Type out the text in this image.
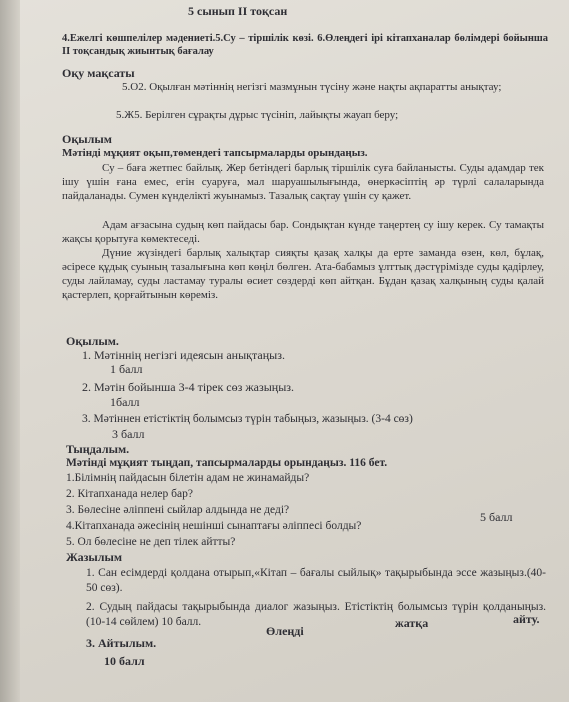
5 сынып II тоқсан
4.Ежелгі көшпелілер мәдениеті.5.Су – тіршілік көзі. 6.Өлеңдегі ірі кітапханалар бөлімдері бойынша II тоқсандық жиынтық бағалау
Оқу мақсаты
5.О2. Оқылған мәтіннің негізгі мазмұнын түсіну және нақты ақпаратты анықтау;
5.Ж5. Берілген сұрақты дұрыс түсініп, лайықты жауап беру;
Оқылым
Мәтінді мұқият оқып,төмендегі тапсырмаларды орындаңыз.
Су – баға жетпес байлық. Жер бетіндегі барлық тіршілік суға байланысты. Суды адамдар тек ішу үшін ғана емес, егін суаруға, мал шаруашылығында, өнеркәсіптің әр түрлі салаларында пайдаланады. Сумен күнделікті жуынамыз. Тазалық сақтау үшін су қажет.
Адам ағзасына судың көп пайдасы бар. Сондықтан күнде таңертең су ішу керек. Су тамақты жақсы қорытуға көмектеседі.
Дүние жүзіндегі барлық халықтар сияқты қазақ халқы да ерте заманда өзен, көл, бұлақ, әсіресе құдық суының тазалығына көп көңіл бөлген. Ата-бабамыз ұлттық дәстүрімізде суды қадірлеу, суды лайламау, суды ластамау туралы өсиет сөздерді көп айтқан. Бұдан қазақ халқының суды қалай қастерлеп, қорғайтынын көреміз.
Оқылым.
1. Мәтіннің негізгі идеясын анықтаңыз.
1 балл
2. Мәтін бойынша 3-4 тірек сөз жазыңыз.
1балл
3. Мәтіннен етістіктің болымсыз түрін табыңыз, жазыңыз. (3-4 сөз)
3 балл
Тыңдалым.
Мәтінді мұқият тыңдап, тапсырмаларды орындаңыз. 116 бет.
1.Білімнің пайдасын білетін адам не жинамайды?
2. Кітапханада нелер бар?
3. Бөлесіне әліппені сыйлар алдында не деді?
4.Кітапханада әжесінің нешінші сынаптағы әліппесі болды?
5. Ол бөлесіне не деп тілек айтты?
5 балл
Жазылым
1. Сан есімдерді қолдана отырып,«Кітап – бағалы сыйлық» тақырыбында эссе жазыңыз.(40-50 сөз).
2. Судың пайдасы тақырыбында диалог жазыңыз. Етістіктің болымсыз түрін қолданыңыз.(10-14 сөйлем) 10 балл.
3. Айтылым.
Өлеңді
жатқа	айту.
10 балл
